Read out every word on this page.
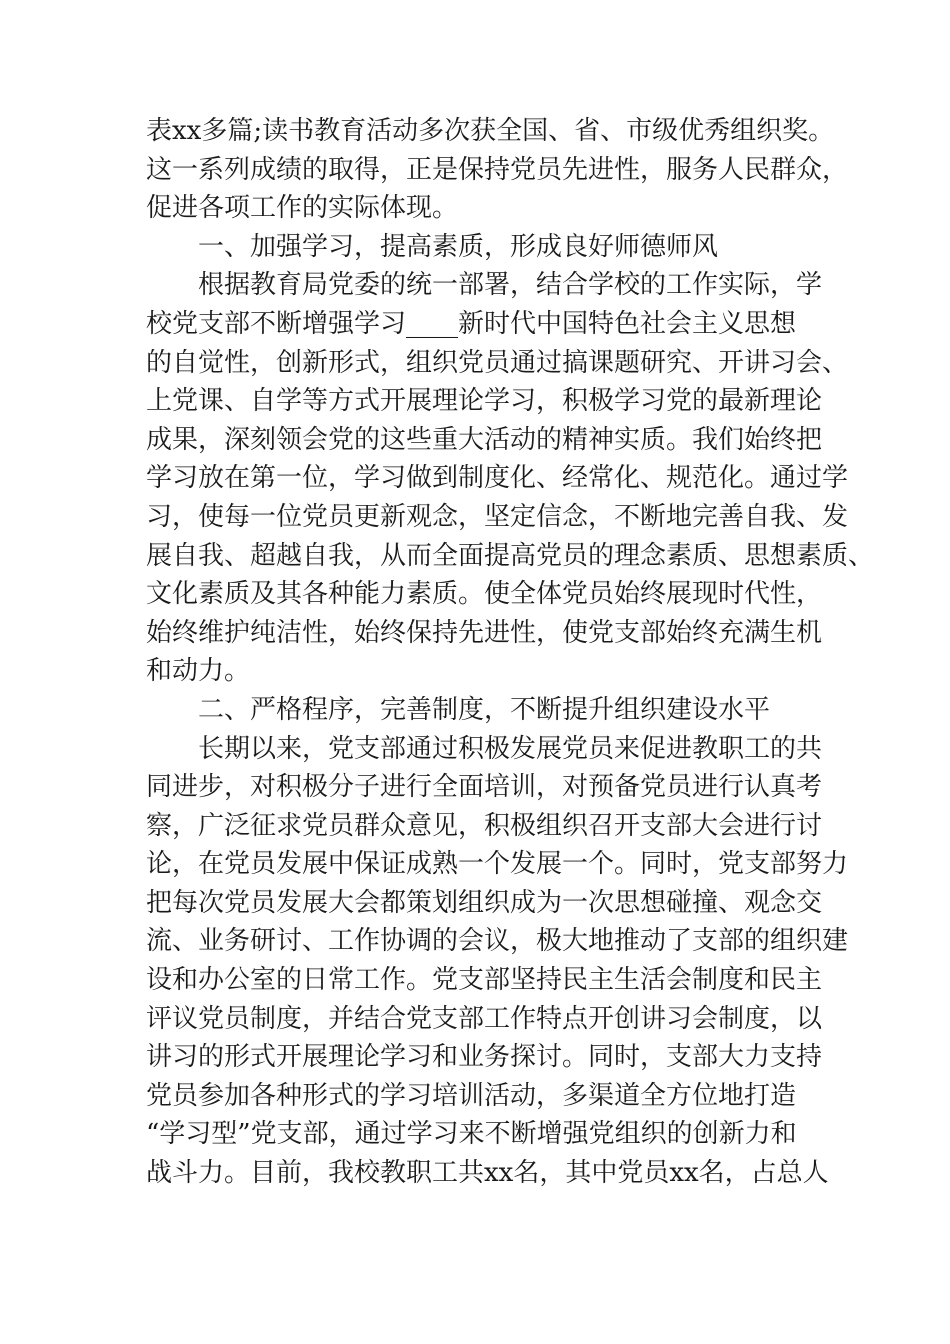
表xx多篇;读书教育活动多次获全国、省、市级优秀组织奖。
这一系列成绩的取得，正是保持党员先进性，服务人民群众，
促进各项工作的实际体现。
一、加强学习，提高素质，形成良好师德师风
根据教育局党委的统一部署，结合学校的工作实际，学
校党支部不断增强学习____新时代中国特色社会主义思想
的自觉性，创新形式，组织党员通过搞课题研究、开讲习会、
上党课、自学等方式开展理论学习，积极学习党的最新理论
成果，深刻领会党的这些重大活动的精神实质。我们始终把
学习放在第一位，学习做到制度化、经常化、规范化。通过学
习，使每一位党员更新观念，坚定信念，不断地完善自我、发
展自我、超越自我，从而全面提高党员的理念素质、思想素质、
文化素质及其各种能力素质。使全体党员始终展现时代性，
始终维护纯洁性，始终保持先进性，使党支部始终充满生机
和动力。
二、严格程序，完善制度，不断提升组织建设水平
长期以来，党支部通过积极发展党员来促进教职工的共
同进步，对积极分子进行全面培训，对预备党员进行认真考
察，广泛征求党员群众意见，积极组织召开支部大会进行讨
论，在党员发展中保证成熟一个发展一个。同时，党支部努力
把每次党员发展大会都策划组织成为一次思想碰撞、观念交
流、业务研讨、工作协调的会议，极大地推动了支部的组织建
设和办公室的日常工作。党支部坚持民主生活会制度和民主
评议党员制度，并结合党支部工作特点开创讲习会制度，以
讲习的形式开展理论学习和业务探讨。同时，支部大力支持
党员参加各种形式的学习培训活动，多渠道全方位地打造
“学习型”党支部，通过学习来不断增强党组织的创新力和
战斗力。目前，我校教职工共xx名，其中党员xx名，占总人
